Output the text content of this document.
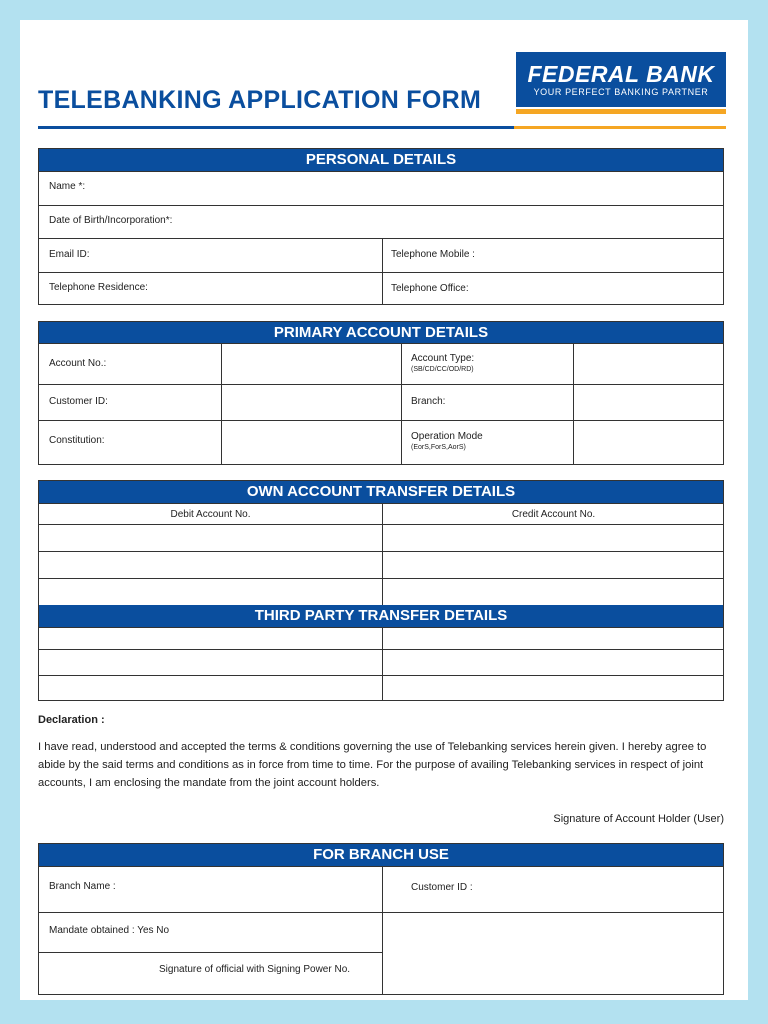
TELEBANKING APPLICATION FORM
FEDERAL BANK
YOUR PERFECT BANKING PARTNER
PERSONAL DETAILS
Name *:
Date of Birth/Incorporation*:
Email ID:	Telephone Mobile :
Telephone Residence:	Telephone Office:
PRIMARY ACCOUNT DETAILS
Account No.:	Account Type:
(SB/CD/CC/OD/RD)
Customer ID:	Branch:
Constitution:	Operation Mode
(EorS,ForS,AorS)
OWN ACCOUNT TRANSFER DETAILS
Debit Account No.	Credit Account No.
THIRD PARTY TRANSFER DETAILS
Declaration :
I have read, understood and accepted the terms & conditions governing the use of Telebanking services herein given. I hereby agree to abide by the said terms and conditions as in force from time to time. For the purpose of availing Telebanking services in respect of joint accounts, I am enclosing the mandate from the joint account holders.
Signature of Account Holder (User)
FOR BRANCH USE
Branch Name :	Customer ID :
Mandate obtained : Yes No
Signature of official with Signing Power No.
